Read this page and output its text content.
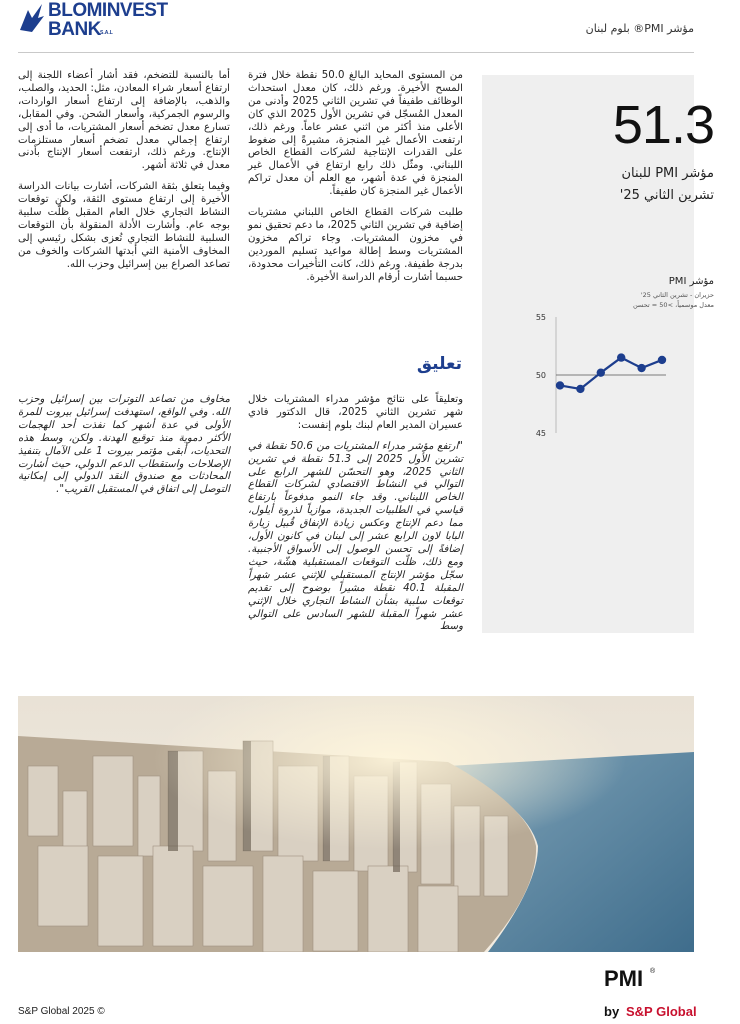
BLOMINVEST
BANK S.A.L	مؤشر PMI® بلوم لبنان
51.3
مؤشر PMI للبنان
تشرين الثاني 25'
مؤشر PMI
حزيران - تشرين الثاني 25'
معدل موسمياً، >50 = تحسن
55
50
45

من المستوى المحايد البالغ 50.0 نقطة خلال فترة المسح الأخيرة. ورغم ذلك، كان معدل استحداث الوظائف طفيفاً في تشرين الثاني 2025 وأدنى من المعدل المُسجّل في تشرين الأول 2025 الذي كان الأعلى منذ أكثر من اثني عشر عاماً. ورغم ذلك، ارتفعت الأعمال غير المنجزة، مشيرةً إلى ضغوط على القدرات الإنتاجية لشركات القطاع الخاص اللبناني. ومثّل ذلك رابع ارتفاع في الأعمال غير المنجزة في عدة أشهر، مع العلم أن معدل تراكم الأعمال غير المنجزة كان طفيفاً.

طلبت شركات القطاع الخاص اللبناني مشتريات إضافية في تشرين الثاني 2025، ما دعم تحقيق نمو في مخزون المشتريات. وجاء تراكم مخزون المشتريات وسط إطالة مواعيد تسليم الموردين بدرجة طفيفة. ورغم ذلك، كانت التأخيرات محدودة، حسبما أشارت أرقام الدراسة الأخيرة.

أما بالنسبة للتضخم، فقد أشار أعضاء اللجنة إلى ارتفاع أسعار شراء المعادن، مثل: الحديد، والصلب، والذهب، بالإضافة إلى ارتفاع أسعار الواردات، والرسوم الجمركية، وأسعار الشحن. وفي المقابل، تسارع معدل تضخم أسعار المشتريات، ما أدى إلى ارتفاع إجمالي معدل تضخم أسعار مستلزمات الإنتاج. ورغم ذلك، ارتفعت أسعار الإنتاج بأدنى معدل في ثلاثة أشهر.

وفيما يتعلق بثقة الشركات، أشارت بيانات الدراسة الأخيرة إلى ارتفاع مستوى الثقة، ولكن توقعات النشاط التجاري خلال العام المقبل ظلّت سلبية بوجه عام. وأشارت الأدلة المنقولة بأن التوقعات السلبية للنشاط التجاري تُعزى بشكل رئيسي إلى المخاوف الأمنية التي أبدتها الشركات والخوف من تصاعد الصراع بين إسرائيل وحزب الله.

تعليق

وتعليقاً على نتائج مؤشر مدراء المشتريات خلال شهر تشرين الثاني 2025، قال الدكتور فادي عسيران المدير العام لبنك بلوم إنفست:

"ارتفع مؤشر مدراء المشتريات من 50.6 نقطة في تشرين الأول 2025 إلى 51.3 نقطة في تشرين الثاني 2025، وهو التحسّن للشهر الرابع على التوالي في النشاط الاقتصادي لشركات القطاع الخاص اللبناني. وقد جاء النمو مدفوعاً بارتفاع قياسي في الطلبيات الجديدة، موازياً لذروة أيلول، مما دعم الإنتاج وعكس زيادة الإنفاق قُبيل زيارة البابا لاون الرابع عشر إلى لبنان في كانون الأول، إضافةً إلى تحسن الوصول إلى الأسواق الأجنبية. ومع ذلك، ظلّت التوقعات المستقبلية هشّة، حيث سجّل مؤشر الإنتاج المستقبلي للإثني عشر شهراً المقبلة 40.1 نقطة مشيراً بوضوح إلى تقديم توقعات سلبية بشأن النشاط التجاري خلال الإثني عشر شهراً المقبلة للشهر السادس على التوالي وسط

مخاوف من تصاعد التوترات بين إسرائيل وحزب الله. وفي الواقع، استهدفت إسرائيل بيروت للمرة الأولى في عدة أشهر كما نفذت أحد الهجمات الأكثر دموية منذ توقيع الهدنة. ولكن، وسط هذه التحديات، أبقى مؤتمر بيروت 1 على الآمال بتنفيذ الإصلاحات واستقطاب الدعم الدولي، حيث أشارت المحادثات مع صندوق النقد الدولي إلى إمكانية التوصل إلى اتفاق في المستقبل القريب".

S&P Global 2025 ©
PMI ®
by S&P Global
